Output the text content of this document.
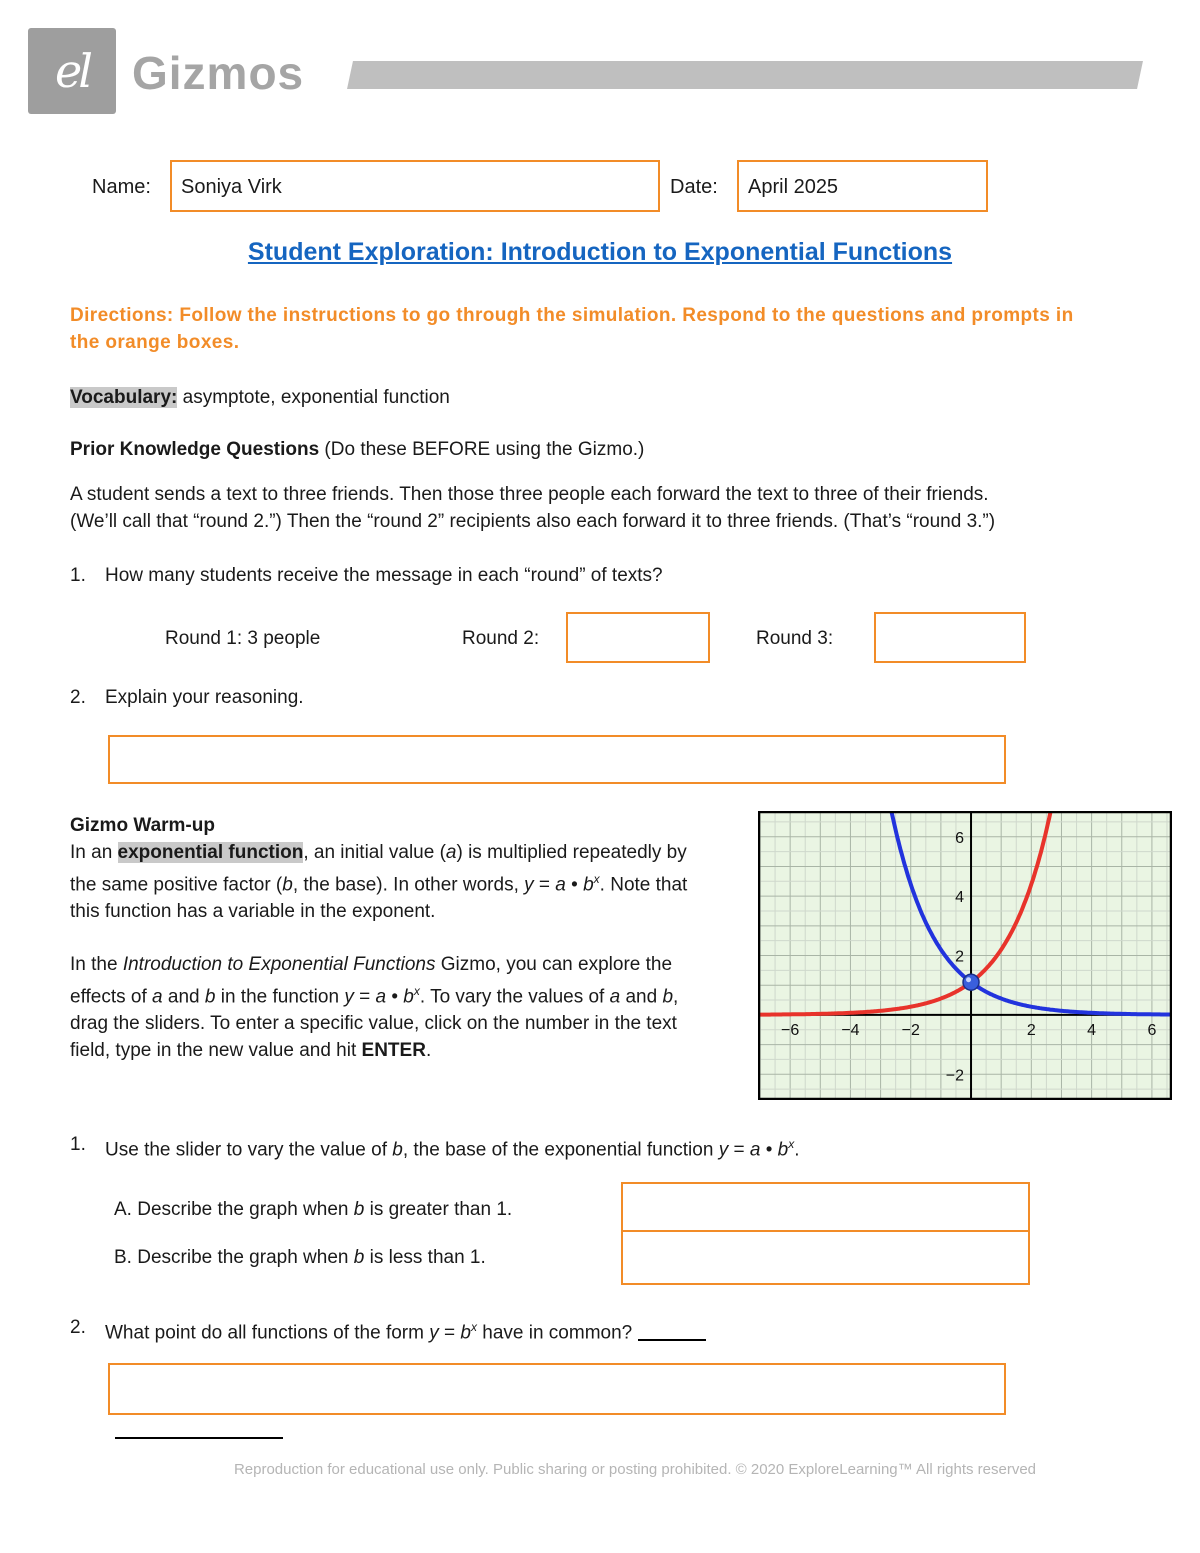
el Gizmos
Name:	Soniya Virk	Date:	April 2025
Student Exploration: Introduction to Exponential Functions
Directions: Follow the instructions to go through the simulation. Respond to the questions and prompts in the orange boxes.
Vocabulary: asymptote, exponential function
Prior Knowledge Questions (Do these BEFORE using the Gizmo.)
A student sends a text to three friends. Then those three people each forward the text to three of their friends.
(We’ll call that “round 2.”) Then the “round 2” recipients also each forward it to three friends. (That’s “round 3.”)
1. How many students receive the message in each “round” of texts?
Round 1: 3 people	Round 2:	Round 3:
2. Explain your reasoning.
Gizmo Warm-up
In an exponential function, an initial value (a) is multiplied repeatedly by the same positive factor (b, the base). In other words, y = a • $b^x$. Note that this function has a variable in the exponent.
In the Introduction to Exponential Functions Gizmo, you can explore the effects of a and b in the function y = a • $b^x$. To vary the values of a and b, drag the sliders. To enter a specific value, click on the number in the text field, type in the new value and hit ENTER.
−6	−4	−2	2	4	6
6
4
2
−2
1. Use the slider to vary the value of b, the base of the exponential function y = a • $b^x$.
A. Describe the graph when b is greater than 1.
B. Describe the graph when b is less than 1.
2. What point do all functions of the form $y = b^x$ have in common?
Reproduction for educational use only. Public sharing or posting prohibited. © 2020 ExploreLearning™ All rights reserved
